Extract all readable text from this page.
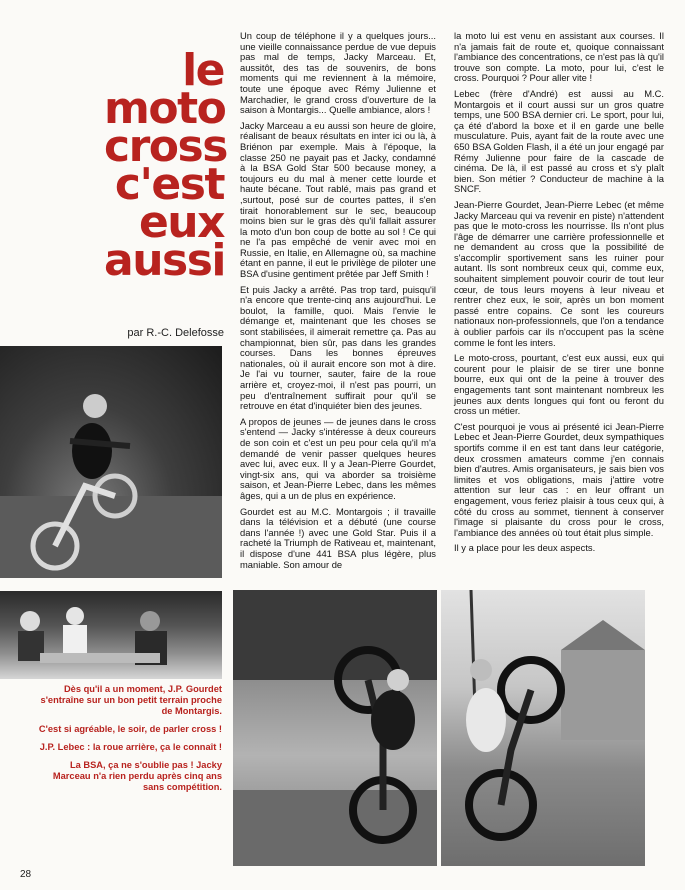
le
moto
cross
c'est
eux
aussi
par R.-C. Delefosse

Dès qu'il a un moment, J.P. Gourdet s'entraîne sur un bon petit terrain proche de Montargis.

C'est si agréable, le soir, de parler cross !

J.P. Lebec : la roue arrière, ça le connaît !

La BSA, ça ne s'oublie pas ! Jacky Marceau n'a rien perdu après cinq ans sans compétition.

Un coup de téléphone il y a quelques jours... une vieille connaissance perdue de vue depuis pas mal de temps, Jacky Marceau. Et, aussitôt, des tas de souvenirs, de bons moments qui me reviennent à la mémoire, toute une époque avec Rémy Julienne et Marchadier, le grand cross d'ouverture de la saison à Montargis... Quelle ambiance, alors !

Jacky Marceau a eu aussi son heure de gloire, réalisant de beaux résultats en inter ici ou là, à Briénon par exemple. Mais à l'époque, la classe 250 ne payait pas et Jacky, condamné à la BSA Gold Star 500 because money, a toujours eu du mal à mener cette lourde et haute bécane. Tout rablé, mais pas grand et ,surtout, posé sur de courtes pattes, il s'en tirait honorablement sur le sec, beaucoup moins bien sur le gras dès qu'il fallait assurer la moto d'un bon coup de botte au sol ! Ce qui ne l'a pas empêché de venir avec moi en Russie, en Italie, en Allemagne où, sa machine étant en panne, il eut le privilège de piloter une BSA d'usine gentiment prêtée par Jeff Smith !

Et puis Jacky a arrêté. Pas trop tard, puisqu'il n'a encore que trente-cinq ans aujourd'hui. Le boulot, la famille, quoi. Mais l'envie le démange et, maintenant que les choses se sont stabilisées, il aimerait remettre ça. Pas au championnat, bien sûr, pas dans les grandes courses. Dans les bonnes épreuves nationales, où il aurait encore son mot à dire. Je l'ai vu tourner, sauter, faire de la roue arrière et, croyez-moi, il n'est pas pourri, un peu d'entraînement suffirait pour qu'il se retrouve en état d'inquiéter bien des jeunes.

A propos de jeunes — de jeunes dans le cross s'entend — Jacky s'intéresse à deux coureurs de son coin et c'est un peu pour cela qu'il m'a demandé de venir passer quelques heures avec lui, avec eux. Il y a Jean-Pierre Gourdet, vingt-six ans, qui va aborder sa troisième saison, et Jean-Pierre Lebec, dans les mêmes âges, qui a un de plus en expérience.

Gourdet est au M.C. Montargois ; il travaille dans la télévision et a débuté (une course dans l'année !) avec une Gold Star. Puis il a racheté la Triumph de Rativeau et, maintenant, il dispose d'une 441 BSA plus légère, plus maniable. Son amour de

la moto lui est venu en assistant aux courses. Il n'a jamais fait de route et, quoique connaissant l'ambiance des concentrations, ce n'est pas là qu'il trouve son compte. La moto, pour lui, c'est le cross. Pourquoi ? Pour aller vite !

Lebec (frère d'André) est aussi au M.C. Montargois et il court aussi sur un gros quatre temps, une 500 BSA dernier cri. Le sport, pour lui, ça été d'abord la boxe et il en garde une belle musculature. Puis, ayant fait de la route avec une 650 BSA Golden Flash, il a été un jour engagé par Rémy Julienne pour faire de la cascade de cinéma. De là, il est passé au cross et s'y plaît bien. Son métier ? Conducteur de machine à la SNCF.

Jean-Pierre Gourdet, Jean-Pierre Lebec (et même Jacky Marceau qui va revenir en piste) n'attendent pas que le moto-cross les nourrisse. Ils n'ont plus l'âge de démarrer une carrière professionnelle et ne demandent au cross que la possibilité de s'accomplir sportivement sans les ruiner pour autant. Ils sont nombreux ceux qui, comme eux, souhaitent simplement pouvoir courir de tout leur cœur, de tous leurs moyens à leur niveau et rentrer chez eux, le soir, après un bon moment passé entre copains. Ce sont les coureurs nationaux non-professionnels, que l'on a tendance à oublier parfois car ils n'occupent pas la scène comme le font les inters.

Le moto-cross, pourtant, c'est eux aussi, eux qui courent pour le plaisir de se tirer une bonne bourre, eux qui ont de la peine à trouver des engagements tant sont maintenant nombreux les jeunes aux dents longues qui font ou feront du cross un métier.

C'est pourquoi je vous ai présenté ici Jean-Pierre Lebec et Jean-Pierre Gourdet, deux sympathiques sportifs comme il en est tant dans leur catégorie, deux crossmen amateurs comme j'en connais bien d'autres. Amis organisateurs, je sais bien vos limites et vos obligations, mais j'attire votre attention sur leur cas : en leur offrant un engagement, vous feriez plaisir à tous ceux qui, à côté du cross au sommet, tiennent à conserver l'image si plaisante du cross pour le cross, l'ambiance des années où tout était plus simple.

Il y a place pour les deux aspects.

28
